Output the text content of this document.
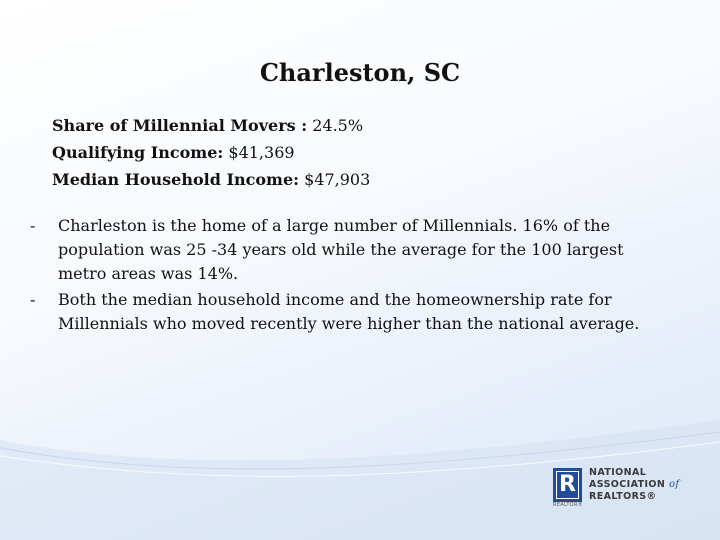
Charleston, SC
Share of Millennial Movers : 24.5%
Qualifying Income: $41,369
Median Household Income: $47,903
- Charleston is the home of a large number of Millennials. 16% of the population was 25 -34 years old while the average for the 100 largest metro areas was 14%.
- Both the median household income and the homeownership rate for Millennials who moved recently were higher than the national average.
R
REALTOR®
NATIONAL
ASSOCIATION of
REALTORS®
